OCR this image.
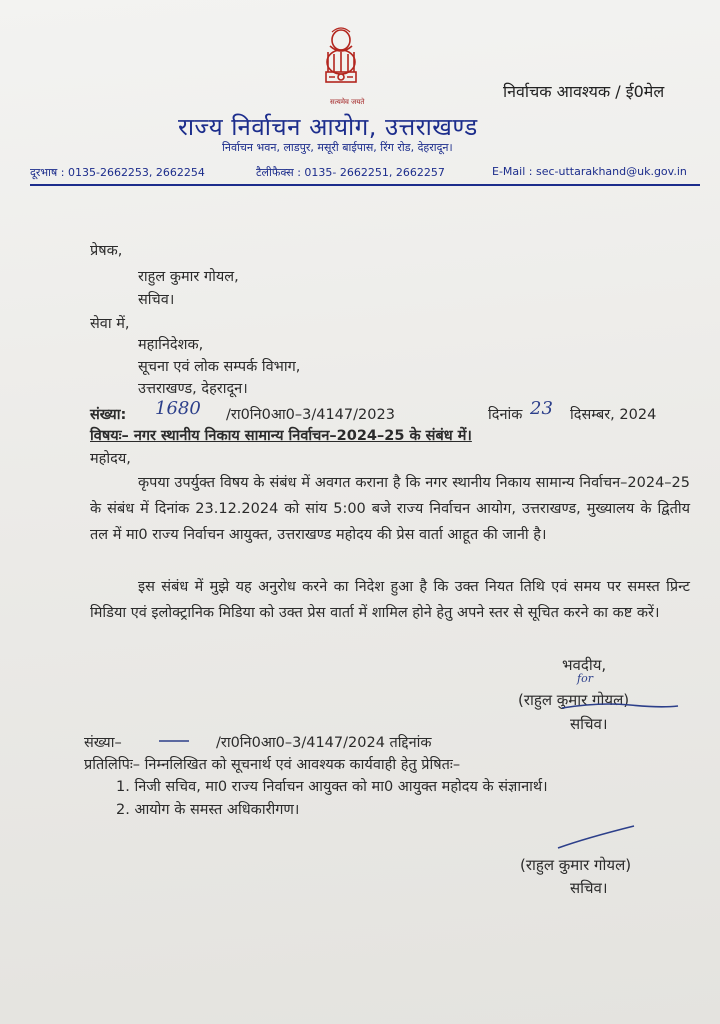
सत्यमेव जयते
निर्वाचक आवश्यक / ई0मेल
राज्य निर्वाचन आयोग, उत्तराखण्ड
निर्वाचन भवन, लाडपुर, मसूरी बाईपास, रिंग रोड, देहरादून।
दूरभाष : 0135-2662253, 2662254	टैलीफैक्स : 0135- 2662251, 2662257	E-Mail : sec-uttarakhand@uk.gov.in
प्रेषक,
राहुल कुमार गोयल,
सचिव।
सेवा में,
महानिदेशक,
सूचना एवं लोक सम्पर्क विभाग,
उत्तराखण्ड, देहरादून।
संख्या: 1680 /रा0नि0आ0–3/4147/2023	दिनांक 23 दिसम्बर, 2024
विषयः– नगर स्थानीय निकाय सामान्य निर्वाचन–2024–25 के संबंध में।
महोदय,
कृपया उपर्युक्त विषय के संबंध में अवगत कराना है कि नगर स्थानीय निकाय सामान्य निर्वाचन–2024–25 के संबंध में दिनांक 23.12.2024 को सांय 5:00 बजे राज्य निर्वाचन आयोग, उत्तराखण्ड, मुख्यालय के द्वितीय तल में मा0 राज्य निर्वाचन आयुक्त, उत्तराखण्ड महोदय की प्रेस वार्ता आहूत की जानी है।
इस संबंध में मुझे यह अनुरोध करने का निदेश हुआ है कि उक्त नियत तिथि एवं समय पर समस्त प्रिन्ट मिडिया एवं इलोक्ट्रानिक मिडिया को उक्त प्रेस वार्ता में शामिल होने हेतु अपने स्तर से सूचित करने का कष्ट करें।
भवदीय,
for
(राहुल कुमार गोयल)
सचिव।
संख्या–	/रा0नि0आ0–3/4147/2024 तद्दिनांक
प्रतिलिपिः– निम्नलिखित को सूचनार्थ एवं आवश्यक कार्यवाही हेतु प्रेषितः–
1. निजी सचिव, मा0 राज्य निर्वाचन आयुक्त को मा0 आयुक्त महोदय के संज्ञानार्थ।
2. आयोग के समस्त अधिकारीगण।
(राहुल कुमार गोयल)
सचिव।
